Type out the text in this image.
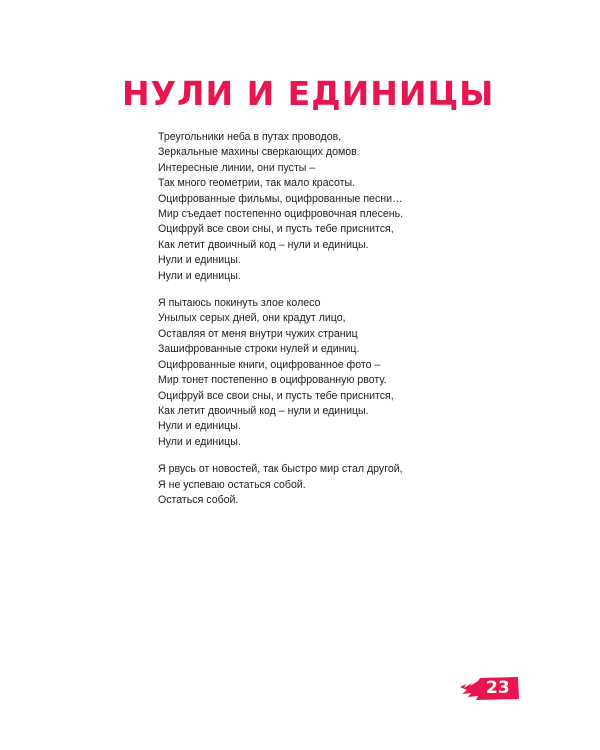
НУЛИ И ЕДИНИЦЫ
Треугольники неба в путах проводов,
Зеркальные махины сверкающих домов.
Интересные линии, они пусты –
Так много геометрии, так мало красоты.
Оцифрованные фильмы, оцифрованные песни…
Мир съедает постепенно оцифровочная плесень.
Оцифруй все свои сны, и пусть тебе приснится,
Как летит двоичный код – нули и единицы.
Нули и единицы.
Нули и единицы.
Я пытаюсь покинуть злое колесо
Унылых серых дней, они крадут лицо,
Оставляя от меня внутри чужих страниц
Зашифрованные строки нулей и единиц.
Оцифрованные книги, оцифрованное фото –
Мир тонет постепенно в оцифрованную рвоту.
Оцифруй все свои сны, и пусть тебе приснится,
Как летит двоичный код – нули и единицы.
Нули и единицы.
Нули и единицы.
Я рвусь от новостей, так быстро мир стал другой,
Я не успеваю остаться собой.
Остаться собой.
23
